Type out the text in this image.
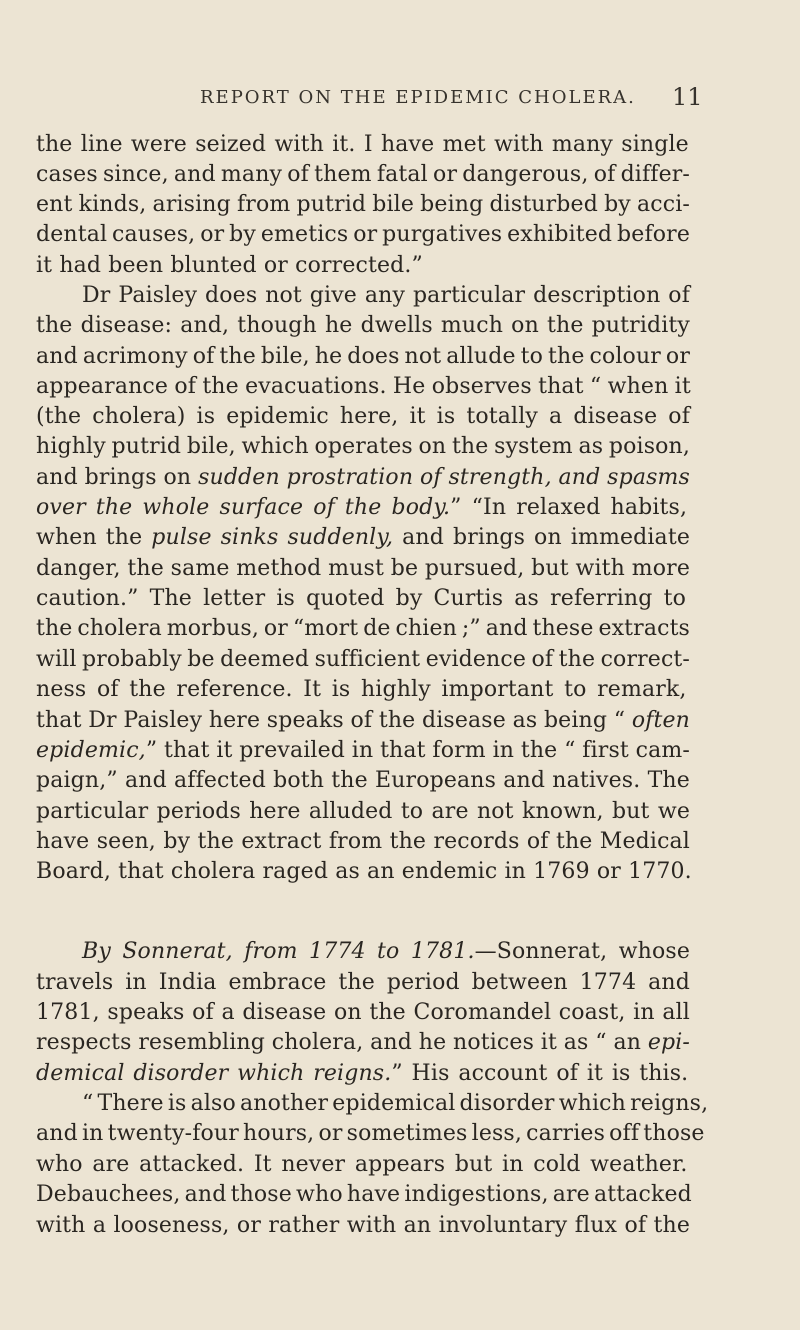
REPORT ON THE EPIDEMIC CHOLERA. 11
the line were seized with it. I have met with many single
cases since, and many of them fatal or dangerous, of differ-
ent kinds, arising from putrid bile being disturbed by acci-
dental causes, or by emetics or purgatives exhibited before
it had been blunted or corrected.”
Dr Paisley does not give any particular description of
the disease: and, though he dwells much on the putridity
and acrimony of the bile, he does not allude to the colour or
appearance of the evacuations. He observes that “ when it
(the cholera) is epidemic here, it is totally a disease of
highly putrid bile, which operates on the system as poison,
and brings on sudden prostration of strength, and spasms
over the whole surface of the body.” “In relaxed habits,
when the pulse sinks suddenly, and brings on immediate
danger, the same method must be pursued, but with more
caution.” The letter is quoted by Curtis as referring to
the cholera morbus, or “mort de chien ;” and these extracts
will probably be deemed sufficient evidence of the correct-
ness of the reference. It is highly important to remark,
that Dr Paisley here speaks of the disease as being “ often
epidemic,” that it prevailed in that form in the “ first cam-
paign,” and affected both the Europeans and natives. The
particular periods here alluded to are not known, but we
have seen, by the extract from the records of the Medical
Board, that cholera raged as an endemic in 1769 or 1770.
By Sonnerat, from 1774 to 1781.—Sonnerat, whose
travels in India embrace the period between 1774 and
1781, speaks of a disease on the Coromandel coast, in all
respects resembling cholera, and he notices it as “ an epi-
demical disorder which reigns.” His account of it is this.
“ There is also another epidemical disorder which reigns,
and in twenty-four hours, or sometimes less, carries off those
who are attacked. It never appears but in cold weather.
Debauchees, and those who have indigestions, are attacked
with a looseness, or rather with an involuntary flux of the
